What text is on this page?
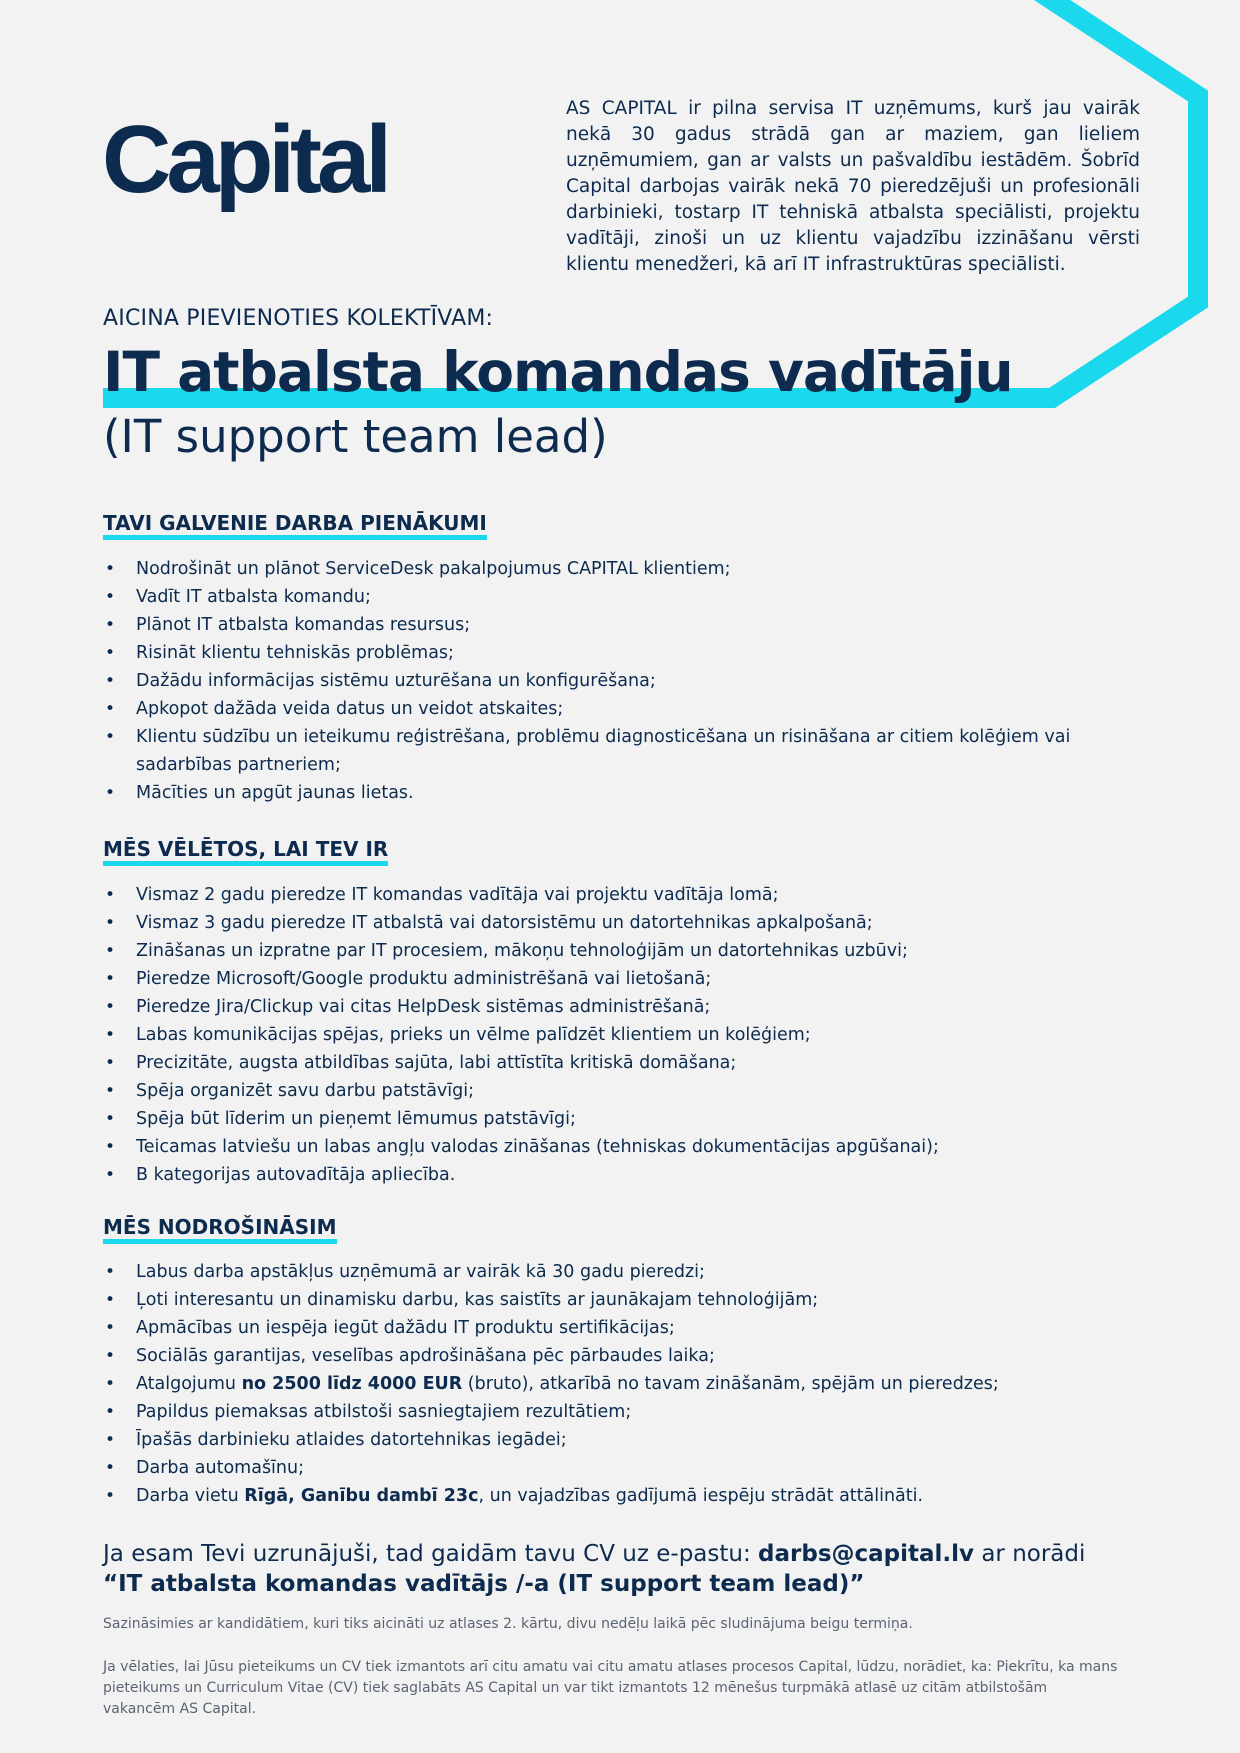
Capital	AS CAPITAL ir pilna servisa IT uzņēmums, kurš jau vairāk nekā 30 gadus strādā gan ar maziem, gan lieliem uzņēmumiem, gan ar valsts un pašvaldību iestādēm. Šobrīd Capital darbojas vairāk nekā 70 pieredzējuši un profesionāli darbinieki, tostarp IT tehniskā atbalsta speciālisti, projektu vadītāji, zinoši un uz klientu vajadzību izzināšanu vērsti klientu menedžeri, kā arī IT infrastruktūras speciālisti.

AICINA PIEVIENOTIES KOLEKTĪVAM:

IT atbalsta komandas vadītāju
(IT support team lead)
TAVI GALVENIE DARBA PIENĀKUMI
• Nodrošināt un plānot ServiceDesk pakalpojumus CAPITAL klientiem;
• Vadīt IT atbalsta komandu;
• Plānot IT atbalsta komandas resursus;
• Risināt klientu tehniskās problēmas;
• Dažādu informācijas sistēmu uzturēšana un konfigurēšana;
• Apkopot dažāda veida datus un veidot atskaites;
• Klientu sūdzību un ieteikumu reģistrēšana, problēmu diagnosticēšana un risināšana ar citiem kolēģiem vai sadarbības partneriem;
• Mācīties un apgūt jaunas lietas.
MĒS VĒLĒTOS, LAI TEV IR
• Vismaz 2 gadu pieredze IT komandas vadītāja vai projektu vadītāja lomā;
• Vismaz 3 gadu pieredze IT atbalstā vai datorsistēmu un datortehnikas apkalpošanā;
• Zināšanas un izpratne par IT procesiem, mākoņu tehnoloģijām un datortehnikas uzbūvi;
• Pieredze Microsoft/Google produktu administrēšanā vai lietošanā;
• Pieredze Jira/Clickup vai citas HelpDesk sistēmas administrēšanā;
• Labas komunikācijas spējas, prieks un vēlme palīdzēt klientiem un kolēģiem;
• Precizitāte, augsta atbildības sajūta, labi attīstīta kritiskā domāšana;
• Spēja organizēt savu darbu patstāvīgi;
• Spēja būt līderim un pieņemt lēmumus patstāvīgi;
• Teicamas latviešu un labas angļu valodas zināšanas (tehniskas dokumentācijas apgūšanai);
• B kategorijas autovadītāja apliecība.
MĒS NODROŠINĀSIM
• Labus darba apstākļus uzņēmumā ar vairāk kā 30 gadu pieredzi;
• Ļoti interesantu un dinamisku darbu, kas saistīts ar jaunākajam tehnoloģijām;
• Apmācības un iespēja iegūt dažādu IT produktu sertifikācijas;
• Sociālās garantijas, veselības apdrošināšana pēc pārbaudes laika;
• Atalgojumu no 2500 līdz 4000 EUR (bruto), atkarībā no tavam zināšanām, spējām un pieredzes;
• Papildus piemaksas atbilstoši sasniegtajiem rezultātiem;
• Īpašās darbinieku atlaides datortehnikas iegādei;
• Darba automašīnu;
• Darba vietu Rīgā, Ganību dambī 23c, un vajadzības gadījumā iespēju strādāt attālināti.

Ja esam Tevi uzrunājuši, tad gaidām tavu CV uz e-pastu: darbs@capital.lv ar norādi
“IT atbalsta komandas vadītājs /-a (IT support team lead)”

Sazināsimies ar kandidātiem, kuri tiks aicināti uz atlases 2. kārtu, divu nedēļu laikā pēc sludinājuma beigu termiņa.

Ja vēlaties, lai Jūsu pieteikums un CV tiek izmantots arī citu amatu vai citu amatu atlases procesos Capital, lūdzu, norādiet, ka: Piekrītu, ka mans pieteikums un Curriculum Vitae (CV) tiek saglabāts AS Capital un var tikt izmantots 12 mēnešus turpmākā atlasē uz citām atbilstošām vakancēm AS Capital.
